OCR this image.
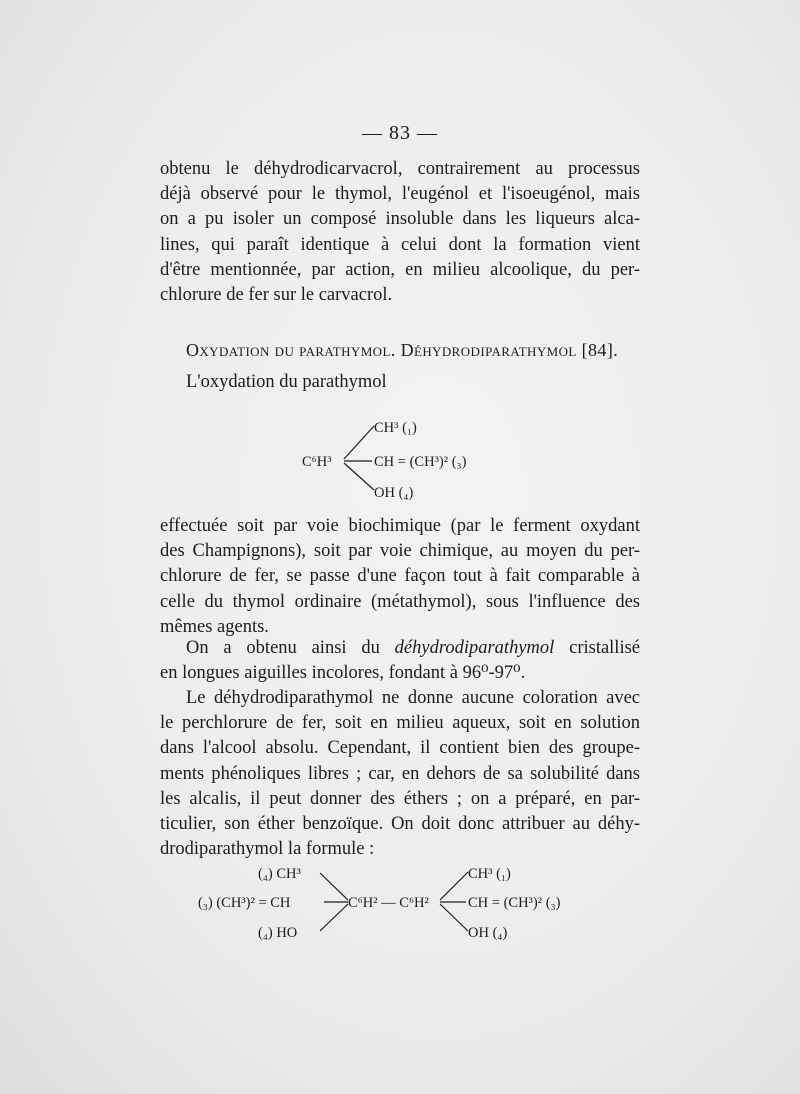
— 83 —
obtenu le déhydrodicarvacrol, contrairement au processus
déjà observé pour le thymol, l'eugénol et l'isoeugénol, mais
on a pu isoler un composé insoluble dans les liqueurs alca-
lines, qui paraît identique à celui dont la formation vient
d'être mentionnée, par action, en milieu alcoolique, du per-
chlorure de fer sur le carvacrol.
Oxydation du parathymol. Déhydrodiparathymol [84].
L'oxydation du parathymol
CH³ (₁)
C⁶H³	CH = (CH³)² (₃)
OH (₄)
effectuée soit par voie biochimique (par le ferment oxydant
des Champignons), soit par voie chimique, au moyen du per-
chlorure de fer, se passe d'une façon tout à fait comparable à
celle du thymol ordinaire (métathymol), sous l'influence des
mêmes agents.
On a obtenu ainsi du déhydrodiparathymol cristallisé
en longues aiguilles incolores, fondant à 96⁰-97⁰.
Le déhydrodiparathymol ne donne aucune coloration avec
le perchlorure de fer, soit en milieu aqueux, soit en solution
dans l'alcool absolu. Cependant, il contient bien des groupe-
ments phénoliques libres ; car, en dehors de sa solubilité dans
les alcalis, il peut donner des éthers ; on a préparé, en par-
ticulier, son éther benzoïque. On doit donc attribuer au déhy-
drodiparathymol la formule :
(₄) CH³
(₃) (CH³)² = CH
(₄) HO
C⁶H² — C⁶H²
CH³ (₁)
CH = (CH³)² (₃)
OH (₄)
